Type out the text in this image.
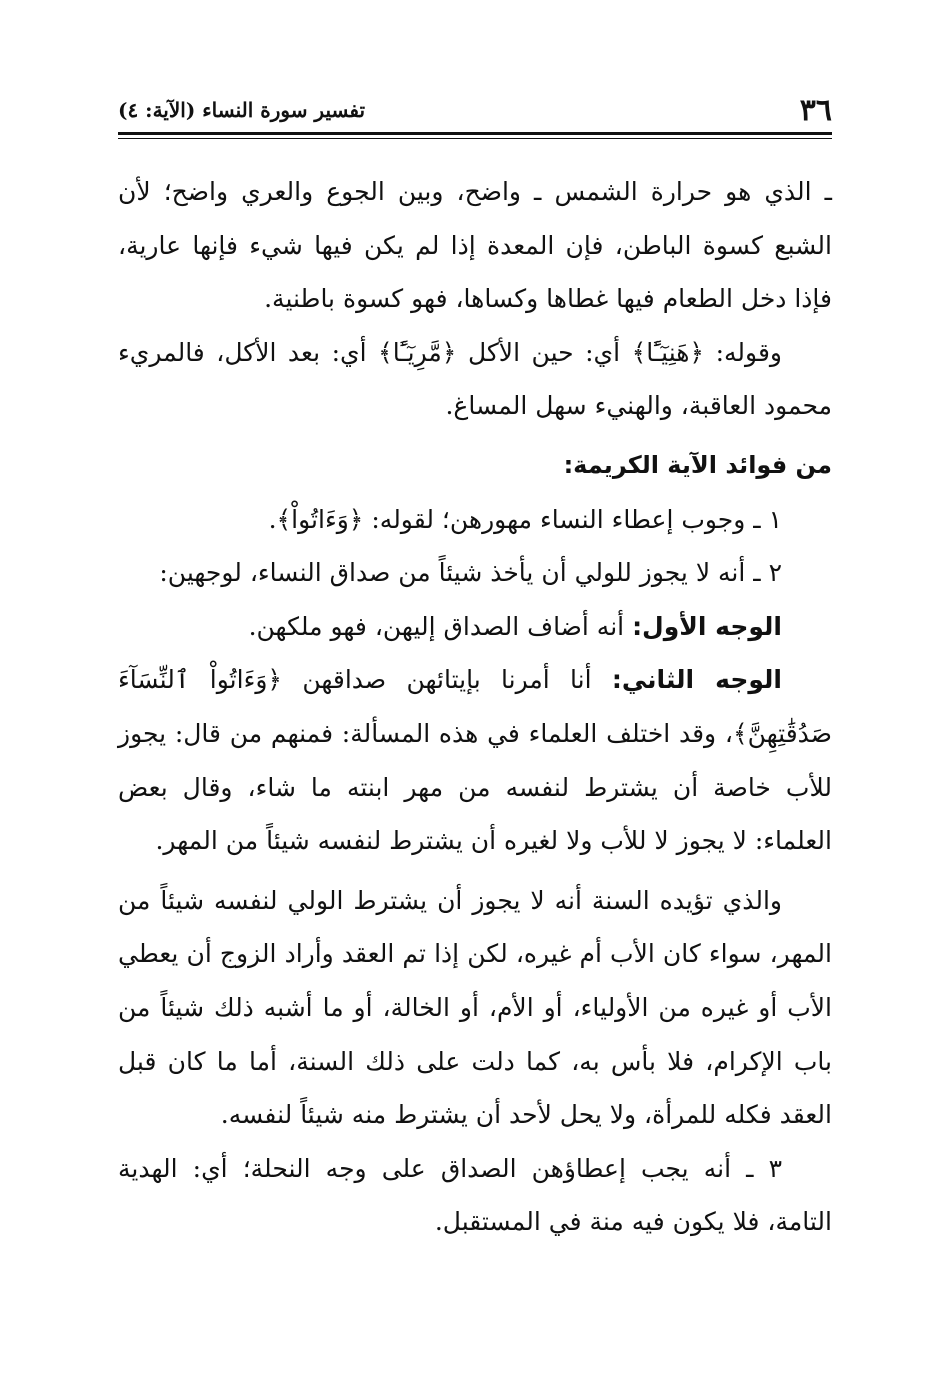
٣٦
تفسير سورة النساء (الآية: ٤)

ـ الذي هو حرارة الشمس ـ واضح، وبين الجوع والعري واضح؛ لأن الشبع كسوة الباطن، فإن المعدة إذا لم يكن فيها شيء فإنها عارية، فإذا دخل الطعام فيها غطاها وكساها، فهو كسوة باطنية.

وقوله: ﴿هَنِيٓـًٔا﴾ أي: حين الأكل ﴿مَّرِيٓـًٔا﴾ أي: بعد الأكل، فالمريء محمود العاقبة، والهنيء سهل المساغ.

من فوائد الآية الكريمة:

١ ـ وجوب إعطاء النساء مهورهن؛ لقوله: ﴿وَءَاتُواْ﴾.

٢ ـ أنه لا يجوز للولي أن يأخذ شيئاً من صداق النساء، لوجهين:

الوجه الأول: أنه أضاف الصداق إليهن، فهو ملكهن.

الوجه الثاني: أنا أمرنا بإيتائهن صداقهن ﴿وَءَاتُواْ ٱلنِّسَآءَ صَدُقَٰتِهِنَّ﴾، وقد اختلف العلماء في هذه المسألة: فمنهم من قال: يجوز للأب خاصة أن يشترط لنفسه من مهر ابنته ما شاء، وقال بعض العلماء: لا يجوز لا للأب ولا لغيره أن يشترط لنفسه شيئاً من المهر.

والذي تؤيده السنة أنه لا يجوز أن يشترط الولي لنفسه شيئاً من المهر، سواء كان الأب أم غيره، لكن إذا تم العقد وأراد الزوج أن يعطي الأب أو غيره من الأولياء، أو الأم، أو الخالة، أو ما أشبه ذلك شيئاً من باب الإكرام، فلا بأس به، كما دلت على ذلك السنة، أما ما كان قبل العقد فكله للمرأة، ولا يحل لأحد أن يشترط منه شيئاً لنفسه.

٣ ـ أنه يجب إعطاؤهن الصداق على وجه النحلة؛ أي: الهدية التامة، فلا يكون فيه منة في المستقبل.
